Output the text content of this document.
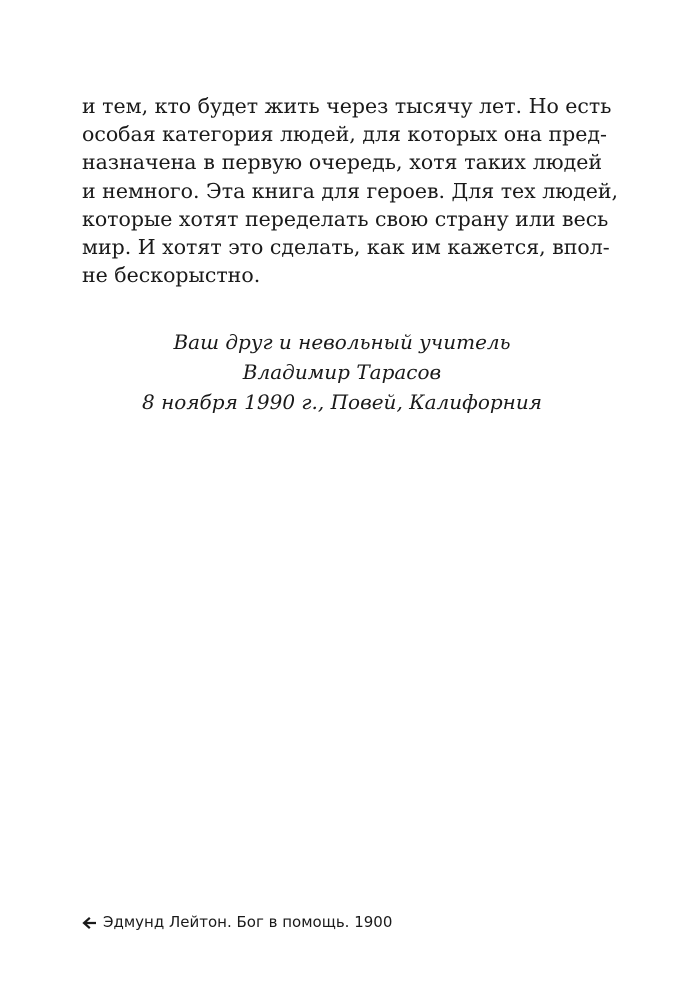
и тем, кто будет жить через тысячу лет. Но есть
особая категория людей, для которых она пред-
назначена в первую очередь, хотя таких людей
и немного. Эта книга для героев. Для тех людей,
которые хотят переделать свою страну или весь
мир. И хотят это сделать, как им кажется, впол-
не бескорыстно.
Ваш друг и невольный учитель
Владимир Тарасов
8 ноября 1990 г., Повей, Калифорния
Эдмунд Лейтон. Бог в помощь. 1900
